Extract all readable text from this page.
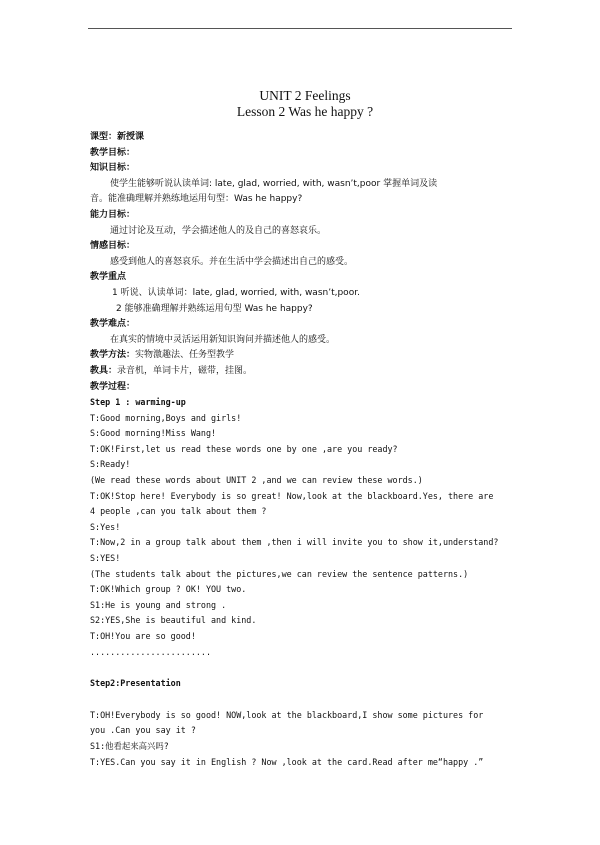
UNIT 2 Feelings
Lesson 2 Was he happy ?
课型：新授课
教学目标：
知识目标：
使学生能够听说认读单词: late, glad, worried, with, wasn’t,poor 掌握单词及读
音。能准确理解并熟练地运用句型：Was he happy?
能力目标：
通过讨论及互动，学会描述他人的及自己的喜怒哀乐。
情感目标：
感受到他人的喜怒哀乐。并在生活中学会描述出自己的感受。
教学重点
1 听说、认读单词：late, glad, worried, with, wasn’t,poor.
2 能够准确理解并熟练运用句型 Was he happy?
教学难点：
在真实的情境中灵活运用新知识询问并描述他人的感受。
教学方法：实物激趣法、任务型教学
教具：录音机，单词卡片，磁带，挂图。
教学过程：
Step 1 : warming-up
T:Good morning,Boys and girls!
S:Good morning!Miss Wang!
T:OK!First,let us read these words one by one ,are you ready?
S:Ready!
(We read these words about UNIT 2 ,and we can review these words.)
T:OK!Stop here! Everybody is so great! Now,look at the blackboard.Yes, there are
4 people ,can you talk about them ?
S:Yes!
T:Now,2 in a group talk about them ,then i will invite you to show it,understand?
S:YES!
(The students talk about the pictures,we can review the sentence patterns.)
T:OK!Which group ? OK! YOU two.
S1:He is young and strong .
S2:YES,She is beautiful and kind.
T:OH!You are so good!
........................
Step2:Presentation
T:OH!Everybody is so good! NOW,look at the blackboard,I show some pictures for
you .Can you say it ?
S1:他看起来高兴吗?
T:YES.Can you say it in English ? Now ,look at the card.Read after me“happy .”
